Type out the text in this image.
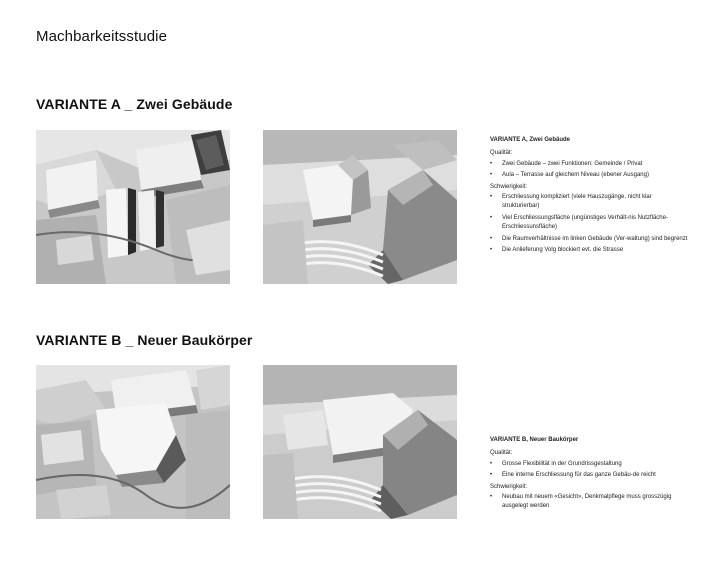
Machbarkeitsstudie
VARIANTE A _ Zwei Gebäude
VARIANTE A, Zwei Gebäude
Qualität:
• Zwei Gebäude – zwei Funktionen: Gemeinde / Privat
• Aula – Terrasse auf gleichem Niveau (ebener Ausgang)
Schwierigkeit:
• Erschliessung kompliziert (viele Hauszugänge, nicht klar strukturierbar)
• Viel Erschliessungsfläche (ungünstiges Verhält-nis Nutzfläche-Erschliessunsfläche)
• Die Raumverhältnisse im linken Gebäude (Ver-waltung) sind begrenzt
• Die Anlieferung Volg blockiert evt. die Strasse
VARIANTE B _ Neuer Baukörper
VARIANTE B, Neuer Baukörper
Qualität:
• Grosse Flexibilität in der Grundrissgestaltung
• Eine interne Erschliessung für das ganze Gebäu-de reicht
Schwierigkeit:
• Neubau mit neuem «Gesicht», Denkmalpflege muss grosszügig ausgelegt werden
